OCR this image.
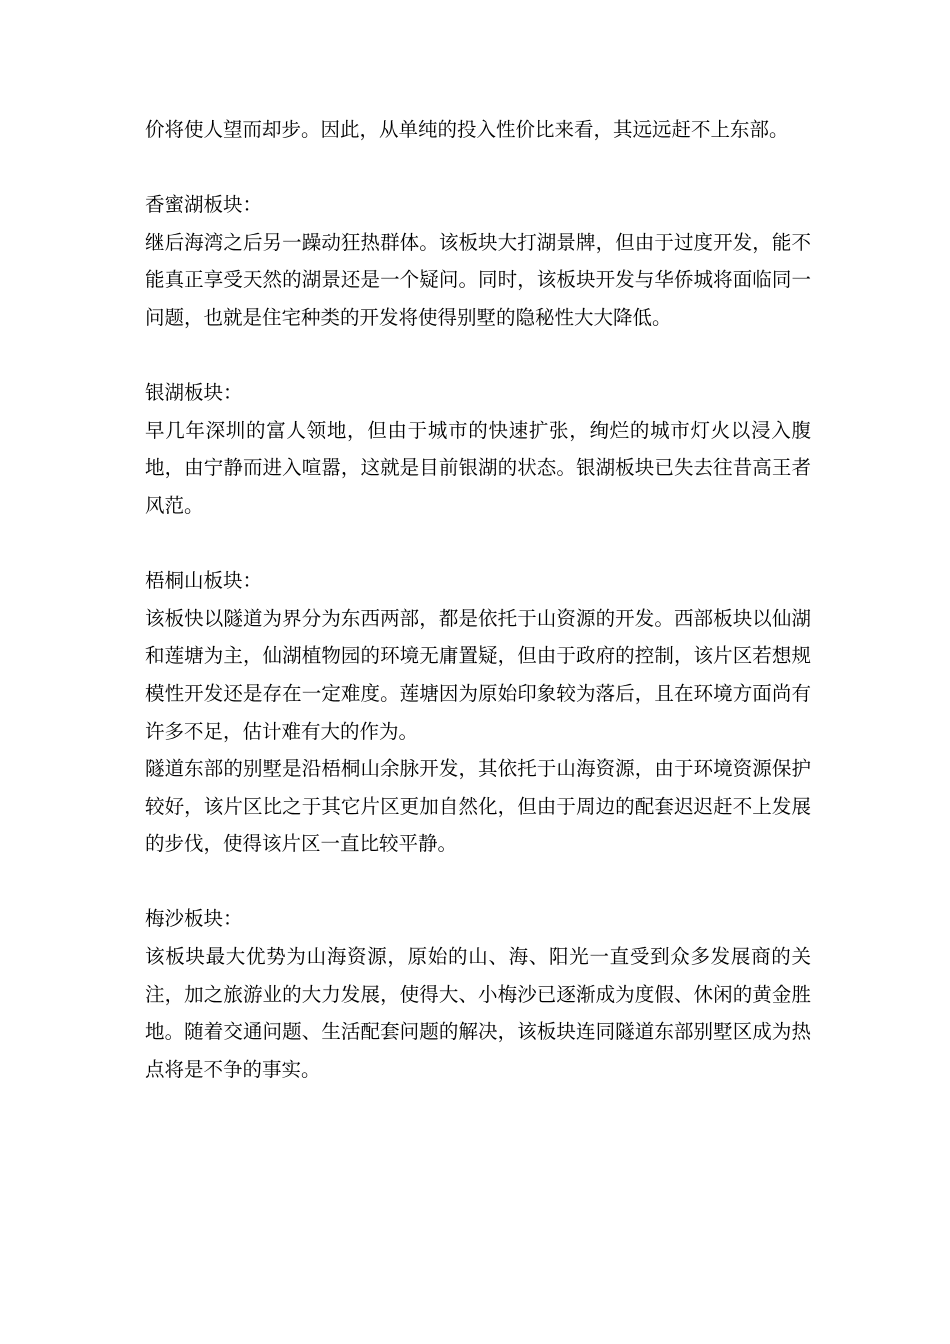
价将使人望而却步。因此，从单纯的投入性价比来看，其远远赶不上东部。

香蜜湖板块：

继后海湾之后另一躁动狂热群体。该板块大打湖景牌，但由于过度开发，能不能真正享受天然的湖景还是一个疑问。同时，该板块开发与华侨城将面临同一问题，也就是住宅种类的开发将使得别墅的隐秘性大大降低。

银湖板块：

早几年深圳的富人领地，但由于城市的快速扩张，绚烂的城市灯火以浸入腹地，由宁静而进入喧嚣，这就是目前银湖的状态。银湖板块已失去往昔高王者风范。

梧桐山板块：

该板快以隧道为界分为东西两部，都是依托于山资源的开发。西部板块以仙湖和莲塘为主，仙湖植物园的环境无庸置疑，但由于政府的控制，该片区若想规模性开发还是存在一定难度。莲塘因为原始印象较为落后，且在环境方面尚有许多不足，估计难有大的作为。

隧道东部的别墅是沿梧桐山余脉开发，其依托于山海资源，由于环境资源保护较好，该片区比之于其它片区更加自然化，但由于周边的配套迟迟赶不上发展的步伐，使得该片区一直比较平静。

梅沙板块：

该板块最大优势为山海资源，原始的山、海、阳光一直受到众多发展商的关注，加之旅游业的大力发展，使得大、小梅沙已逐渐成为度假、休闲的黄金胜地。随着交通问题、生活配套问题的解决，该板块连同隧道东部别墅区成为热点将是不争的事实。
